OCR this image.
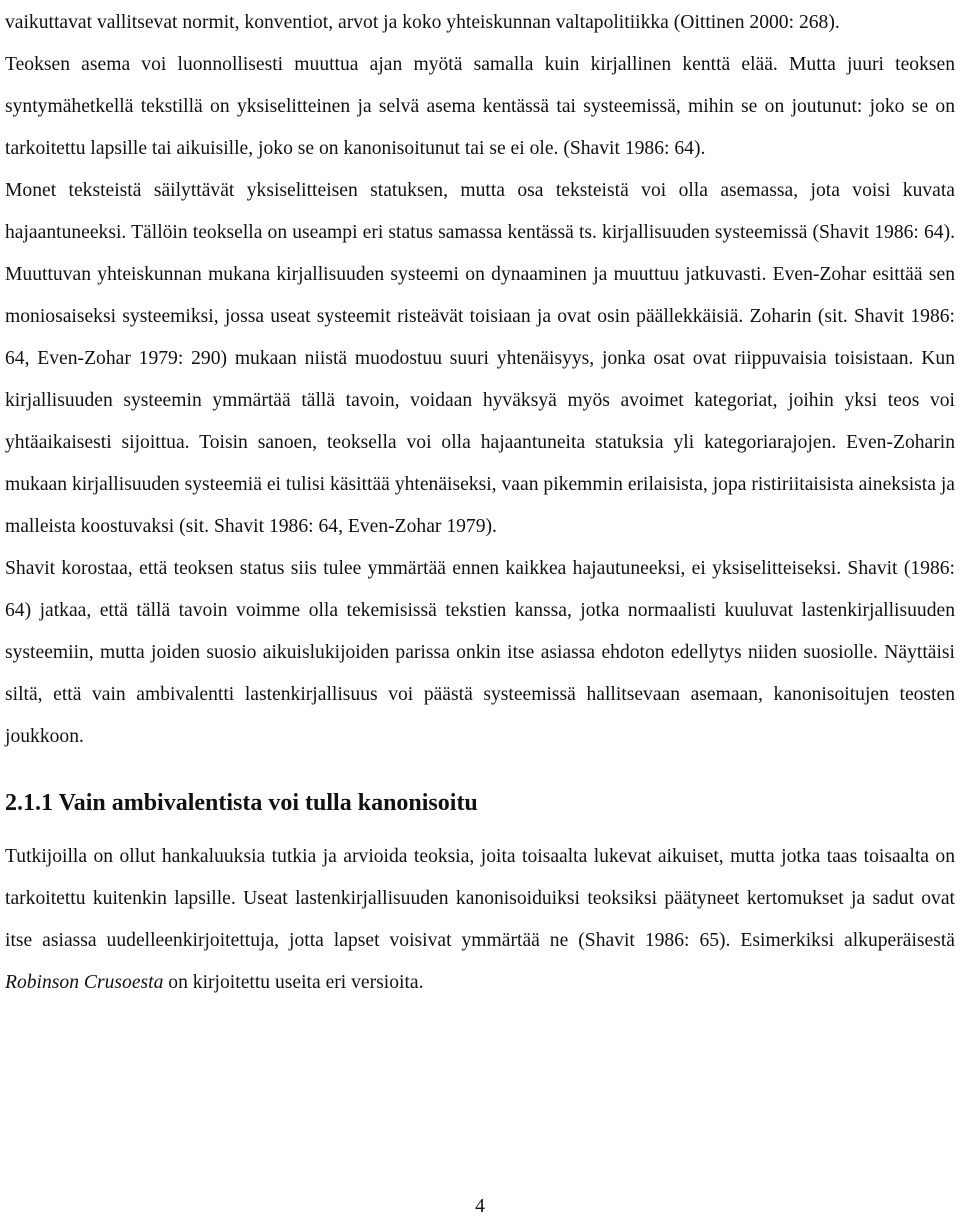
vaikuttavat vallitsevat normit, konventiot, arvot ja koko yhteiskunnan valtapolitiikka (Oittinen 2000: 268).

Teoksen asema voi luonnollisesti muuttua ajan myötä samalla kuin kirjallinen kenttä elää. Mutta juuri teoksen syntymähetkellä tekstillä on yksiselitteinen ja selvä asema kentässä tai systeemissä, mihin se on joutunut: joko se on tarkoitettu lapsille tai aikuisille, joko se on kanonisoitunut tai se ei ole. (Shavit 1986: 64).

Monet teksteistä säilyttävät yksiselitteisen statuksen, mutta osa teksteistä voi olla asemassa, jota voisi kuvata hajaantuneeksi. Tällöin teoksella on useampi eri status samassa kentässä ts. kirjallisuuden systeemissä (Shavit 1986: 64). Muuttuvan yhteiskunnan mukana kirjallisuuden systeemi on dynaaminen ja muuttuu jatkuvasti. Even-Zohar esittää sen moniosaiseksi systeemiksi, jossa useat systeemit risteävät toisiaan ja ovat osin päällekkäisiä. Zoharin (sit. Shavit 1986: 64, Even-Zohar 1979: 290) mukaan niistä muodostuu suuri yhtenäisyys, jonka osat ovat riippuvaisia toisistaan. Kun kirjallisuuden systeemin ymmärtää tällä tavoin, voidaan hyväksyä myös avoimet kategoriat, joihin yksi teos voi yhtäaikaisesti sijoittua. Toisin sanoen, teoksella voi olla hajaantuneita statuksia yli kategoriarajojen. Even-Zoharin mukaan kirjallisuuden systeemiä ei tulisi käsittää yhtenäiseksi, vaan pikemmin erilaisista, jopa ristiriitaisista aineksista ja malleista koostuvaksi (sit. Shavit 1986: 64, Even-Zohar 1979).

Shavit korostaa, että teoksen status siis tulee ymmärtää ennen kaikkea hajautuneeksi, ei yksiselitteiseksi. Shavit (1986: 64) jatkaa, että tällä tavoin voimme olla tekemisissä tekstien kanssa, jotka normaalisti kuuluvat lastenkirjallisuuden systeemiin, mutta joiden suosio aikuislukijoiden parissa onkin itse asiassa ehdoton edellytys niiden suosiolle. Näyttäisi siltä, että vain ambivalentti lastenkirjallisuus voi päästä systeemissä hallitsevaan asemaan, kanonisoitujen teosten joukkoon.

2.1.1 Vain ambivalentista voi tulla kanonisoitu

Tutkijoilla on ollut hankaluuksia tutkia ja arvioida teoksia, joita toisaalta lukevat aikuiset, mutta jotka taas toisaalta on tarkoitettu kuitenkin lapsille. Useat lastenkirjallisuuden kanonisoiduiksi teoksiksi päätyneet kertomukset ja sadut ovat itse asiassa uudelleenkirjoitettuja, jotta lapset voisivat ymmärtää ne (Shavit 1986: 65). Esimerkiksi alkuperäisestä Robinson Crusoesta on kirjoitettu useita eri versioita.

4
